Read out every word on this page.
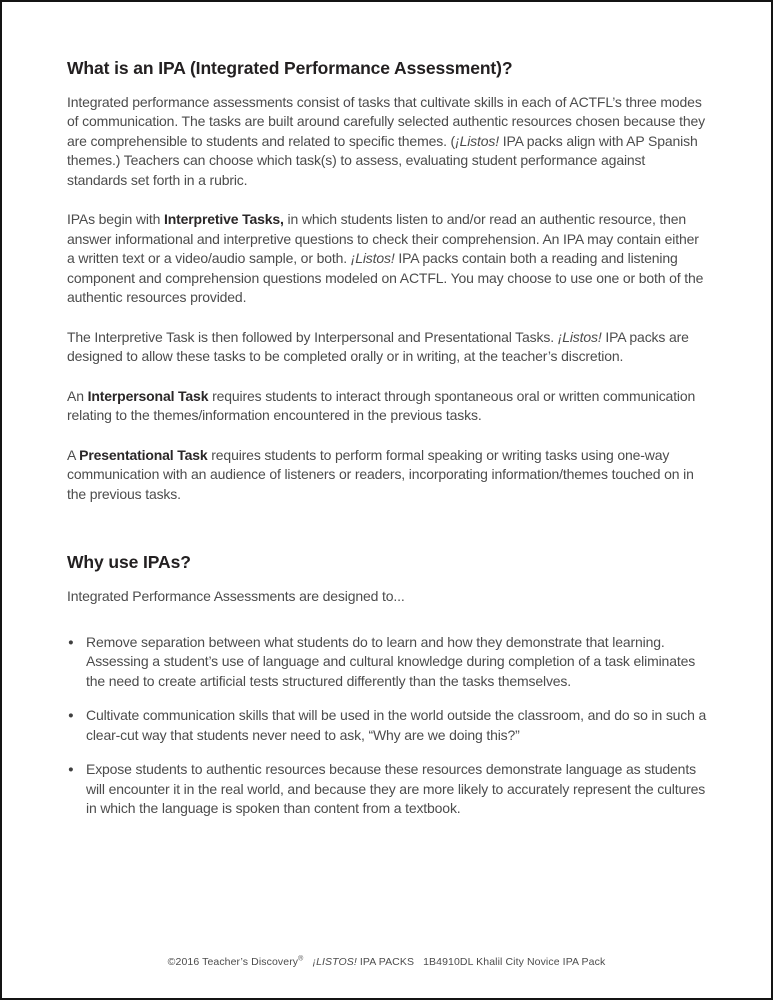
What is an IPA (Integrated Performance Assessment)?

Integrated performance assessments consist of tasks that cultivate skills in each of ACTFL’s three modes of communication. The tasks are built around carefully selected authentic resources chosen because they are comprehensible to students and related to specific themes. (¡Listos! IPA packs align with AP Spanish themes.) Teachers can choose which task(s) to assess, evaluating student performance against standards set forth in a rubric.

IPAs begin with Interpretive Tasks, in which students listen to and/or read an authentic resource, then answer informational and interpretive questions to check their comprehension. An IPA may contain either a written text or a video/audio sample, or both. ¡Listos! IPA packs contain both a reading and listening component and comprehension questions modeled on ACTFL. You may choose to use one or both of the authentic resources provided.

The Interpretive Task is then followed by Interpersonal and Presentational Tasks. ¡Listos! IPA packs are designed to allow these tasks to be completed orally or in writing, at the teacher’s discretion.

An Interpersonal Task requires students to interact through spontaneous oral or written communication relating to the themes/information encountered in the previous tasks.

A Presentational Task requires students to perform formal speaking or writing tasks using one-way communication with an audience of listeners or readers, incorporating information/themes touched on in the previous tasks.

Why use IPAs?

Integrated Performance Assessments are designed to...

● Remove separation between what students do to learn and how they demonstrate that learning. Assessing a student’s use of language and cultural knowledge during completion of a task eliminates the need to create artificial tests structured differently than the tasks themselves.
● Cultivate communication skills that will be used in the world outside the classroom, and do so in such a clear-cut way that students never need to ask, “Why are we doing this?”
● Expose students to authentic resources because these resources demonstrate language as students will encounter it in the real world, and because they are more likely to accurately represent the cultures in which the language is spoken than content from a textbook.
©2016 Teacher’s Discovery® ¡LISTOS! IPA PACKS   1B4910DL Khalil City Novice IPA Pack
